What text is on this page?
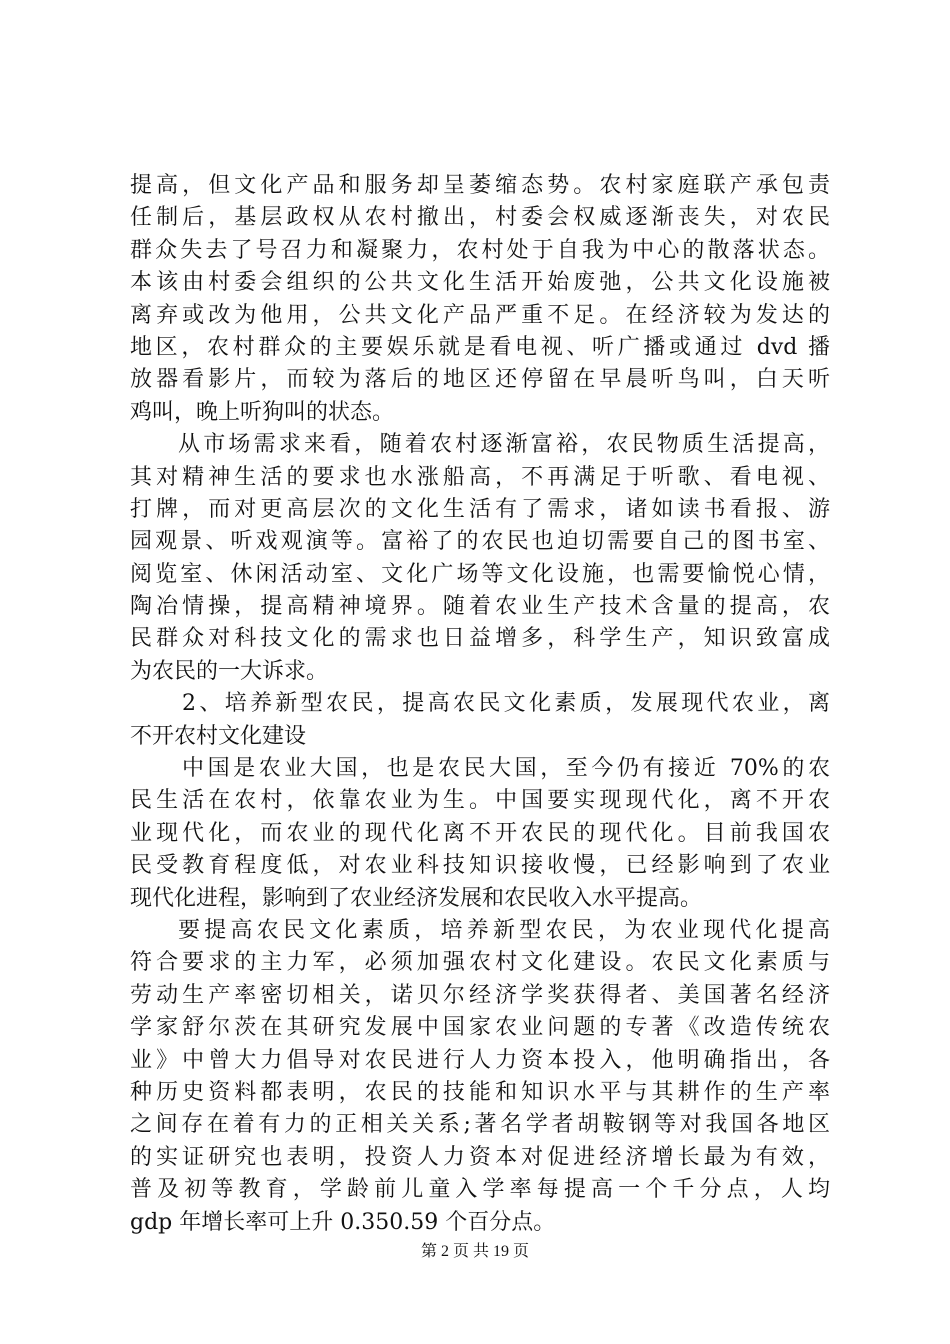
提高，但文化产品和服务却呈萎缩态势。农村家庭联产承包责
任制后，基层政权从农村撤出，村委会权威逐渐丧失，对农民
群众失去了号召力和凝聚力，农村处于自我为中心的散落状态。
本该由村委会组织的公共文化生活开始废弛，公共文化设施被
离弃或改为他用，公共文化产品严重不足。在经济较为发达的
地区，农村群众的主要娱乐就是看电视、听广播或通过 dvd 播
放器看影片，而较为落后的地区还停留在早晨听鸟叫，白天听
鸡叫，晚上听狗叫的状态。
从市场需求来看，随着农村逐渐富裕，农民物质生活提高，
其对精神生活的要求也水涨船高，不再满足于听歌、看电视、
打牌，而对更高层次的文化生活有了需求，诸如读书看报、游
园观景、听戏观演等。富裕了的农民也迫切需要自己的图书室、
阅览室、休闲活动室、文化广场等文化设施，也需要愉悦心情，
陶冶情操，提高精神境界。随着农业生产技术含量的提高，农
民群众对科技文化的需求也日益增多，科学生产，知识致富成
为农民的一大诉求。
2、培养新型农民，提高农民文化素质，发展现代农业，离
不开农村文化建设
中国是农业大国，也是农民大国，至今仍有接近 70%的农
民生活在农村，依靠农业为生。中国要实现现代化，离不开农
业现代化，而农业的现代化离不开农民的现代化。目前我国农
民受教育程度低，对农业科技知识接收慢，已经影响到了农业
现代化进程，影响到了农业经济发展和农民收入水平提高。
要提高农民文化素质，培养新型农民，为农业现代化提高
符合要求的主力军，必须加强农村文化建设。农民文化素质与
劳动生产率密切相关，诺贝尔经济学奖获得者、美国著名经济
学家舒尔茨在其研究发展中国家农业问题的专著《改造传统农
业》中曾大力倡导对农民进行人力资本投入，他明确指出，各
种历史资料都表明，农民的技能和知识水平与其耕作的生产率
之间存在着有力的正相关关系;著名学者胡鞍钢等对我国各地区
的实证研究也表明，投资人力资本对促进经济增长最为有效，
普及初等教育，学龄前儿童入学率每提高一个千分点，人均
gdp 年增长率可上升 0.350.59 个百分点。
第 2 页 共 19 页
